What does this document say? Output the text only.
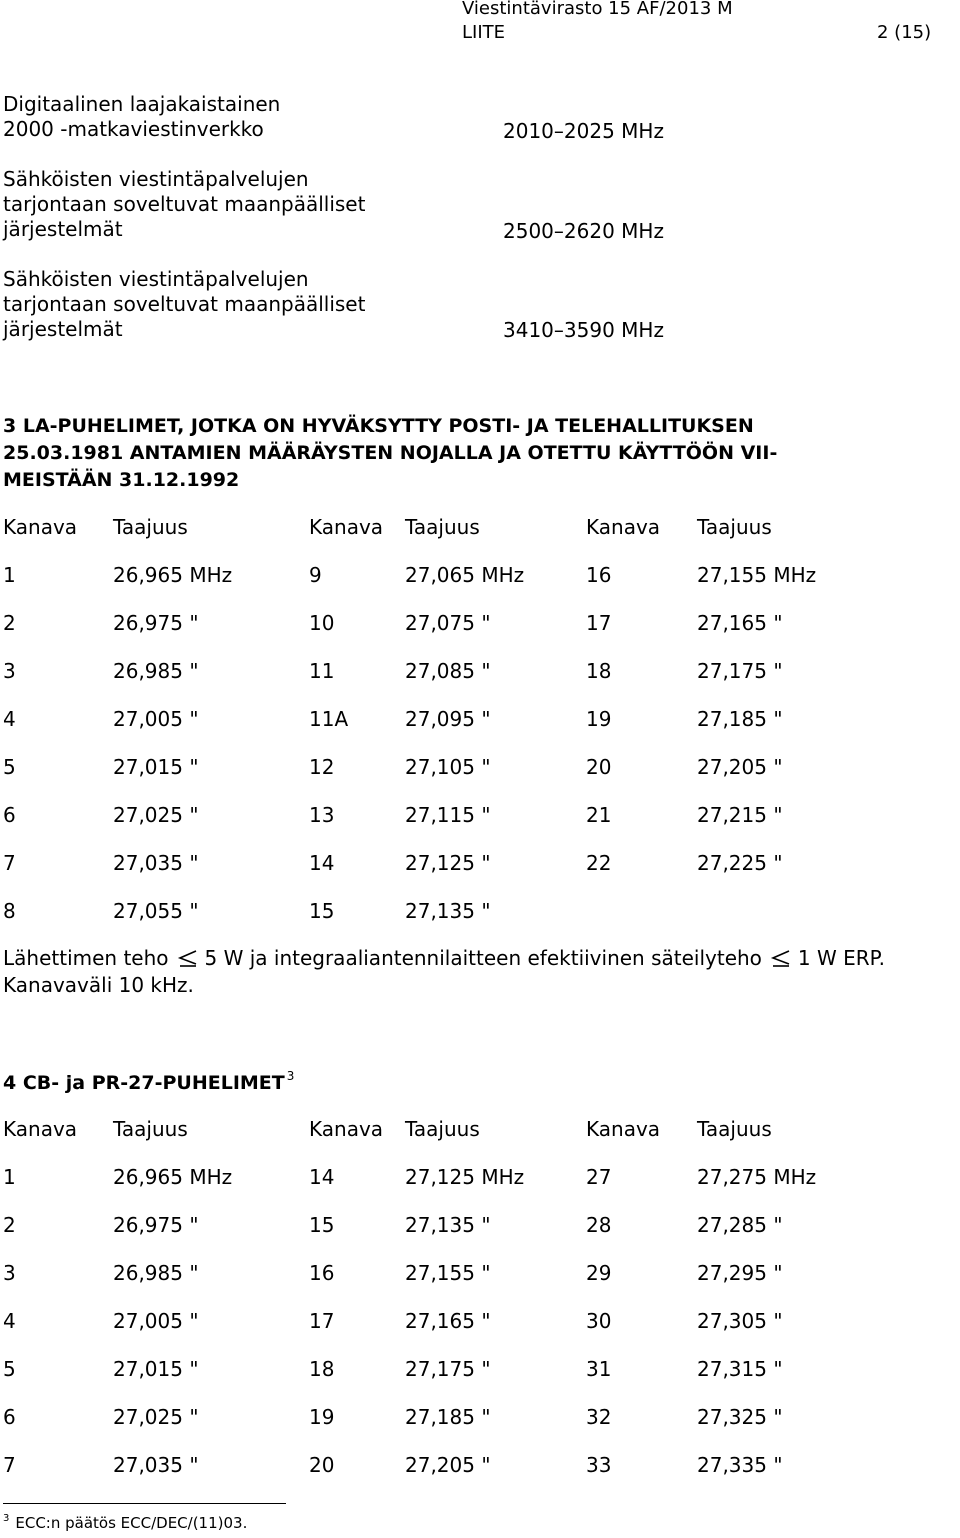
Viestintävirasto 15 AF/2013 M
LIITE	2 (15)
Digitaalinen laajakaistainen
2000 -matkaviestinverkko	2010–2025 MHz
Sähköisten viestintäpalvelujen
tarjontaan soveltuvat maanpäälliset
järjestelmät	2500–2620 MHz
Sähköisten viestintäpalvelujen
tarjontaan soveltuvat maanpäälliset
järjestelmät	3410–3590 MHz
3 LA-PUHELIMET, JOTKA ON HYVÄKSYTTY POSTI- JA TELEHALLITUKSEN
25.03.1981 ANTAMIEN MÄÄRÄYSTEN NOJALLA JA OTETTU KÄYTTÖÖN VII-
MEISTÄÄN 31.12.1992
Kanava Taajuus	Kanava Taajuus	Kanava Taajuus
1	26,965 MHz	9	27,065 MHz	16	27,155 MHz
2	26,975 "	10	27,075 "	17	27,165 "
3	26,985 "	11	27,085 "	18	27,175 "
4	27,005 "	11A	27,095 "	19	27,185 "
5	27,015 "	12	27,105 "	20	27,205 "
6	27,025 "	13	27,115 "	21	27,215 "
7	27,035 "	14	27,125 "	22	27,225 "
8	27,055 "	15	27,135 "
Lähettimen teho 5 W ja integraaliantennilaitteen efektiivinen säteilyteho 1 W ERP.
Kanavaväli 10 kHz.
4 CB- ja PR-27-PUHELIMET $^3$
Kanava Taajuus	Kanava Taajuus	Kanava Taajuus
1	26,965 MHz	14	27,125 MHz	27	27,275 MHz
2	26,975 "	15	27,135 "	28	27,285 "
3	26,985 "	16	27,155 "	29	27,295 "
4	27,005 "	17	27,165 "	30	27,305 "
5	27,015 "	18	27,175 "	31	27,315 "
6	27,025 "	19	27,185 "	32	27,325 "
7	27,035 "	20	27,205 "	33	27,335 "
$^3$ ECC:n päätös ECC/DEC/(11)03.
